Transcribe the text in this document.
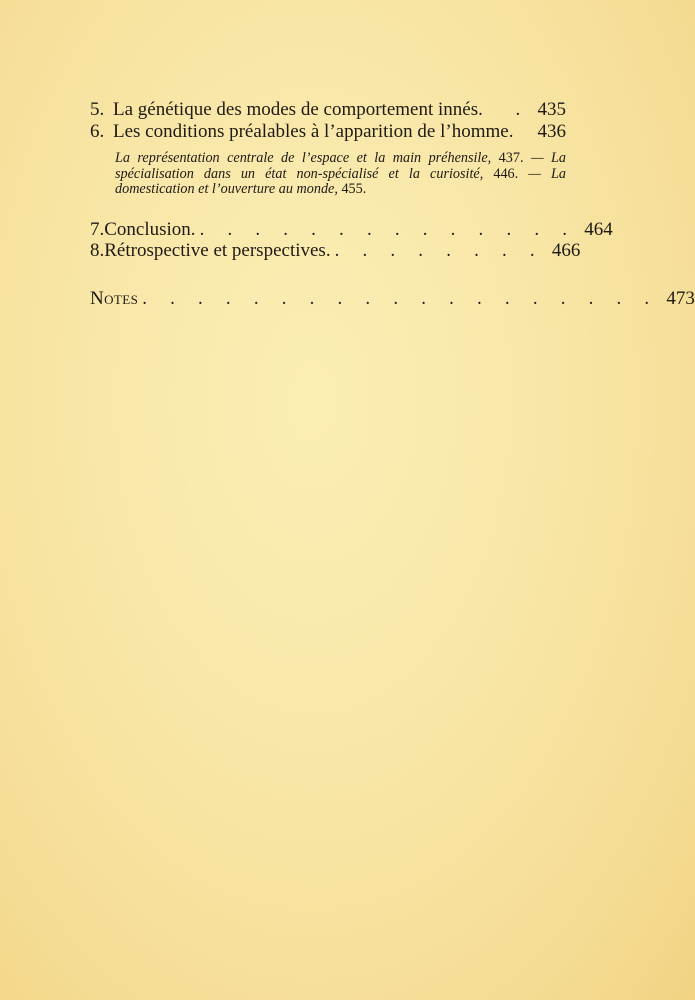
5. La génétique des modes de comportement innés.	. 435
6. Les conditions préalables à l’apparition de l’homme.	436
La représentation centrale de l’espace et la main préhensile, 437. — La spécialisation dans un état non-spécialisé et la curiosité, 446. — La domestication et l’ouverture au monde, 455.
7. Conclusion. . . . . . . . . . . . . . . 464
8. Rétrospective et perspectives. . . . . . . . . 466
Notes . . . . . . . . . . . . . . . . . . . 473
